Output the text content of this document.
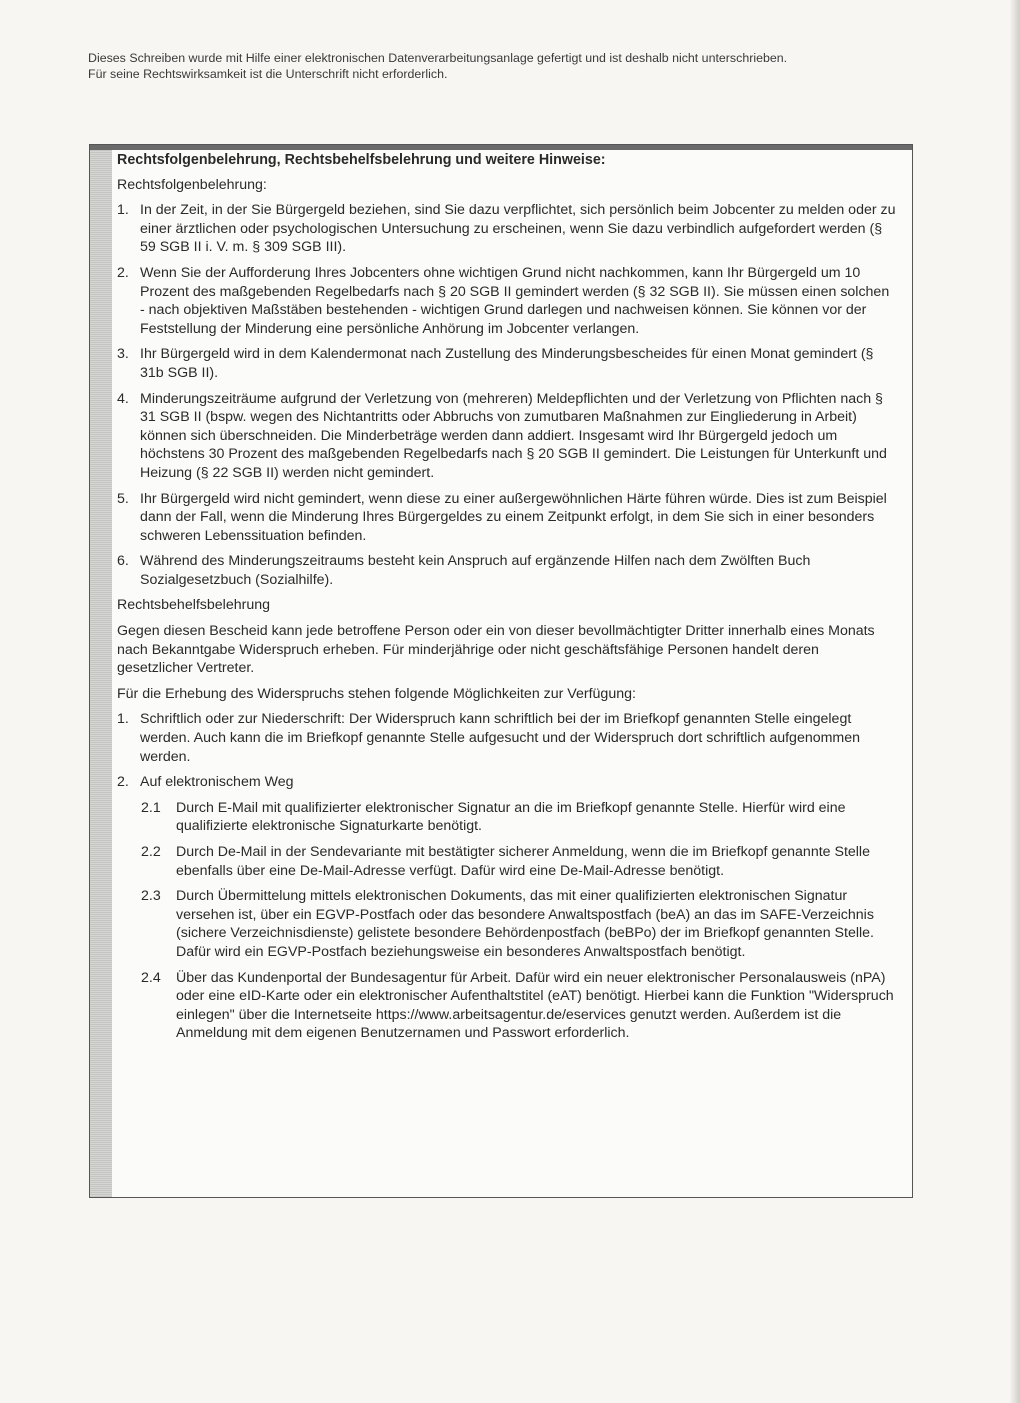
Dieses Schreiben wurde mit Hilfe einer elektronischen Datenverarbeitungsanlage gefertigt und ist deshalb nicht unterschrieben.
Für seine Rechtswirksamkeit ist die Unterschrift nicht erforderlich.
Rechtsfolgenbelehrung, Rechtsbehelfsbelehrung und weitere Hinweise:
Rechtsfolgenbelehrung:
1. In der Zeit, in der Sie Bürgergeld beziehen, sind Sie dazu verpflichtet, sich persönlich beim Jobcenter zu melden oder zu einer ärztlichen oder psychologischen Untersuchung zu erscheinen, wenn Sie dazu verbindlich aufgefordert werden (§ 59 SGB II i. V. m. § 309 SGB III).
2. Wenn Sie der Aufforderung Ihres Jobcenters ohne wichtigen Grund nicht nachkommen, kann Ihr Bürgergeld um 10 Prozent des maßgebenden Regelbedarfs nach § 20 SGB II gemindert werden (§ 32 SGB II). Sie müssen einen solchen - nach objektiven Maßstäben bestehenden - wichtigen Grund darlegen und nachweisen können. Sie können vor der Feststellung der Minderung eine persönliche Anhörung im Jobcenter verlangen.
3. Ihr Bürgergeld wird in dem Kalendermonat nach Zustellung des Minderungsbescheides für einen Monat gemindert (§ 31b SGB II).
4. Minderungszeiträume aufgrund der Verletzung von (mehreren) Meldepflichten und der Verletzung von Pflichten nach § 31 SGB II (bspw. wegen des Nichtantritts oder Abbruchs von zumutbaren Maßnahmen zur Eingliederung in Arbeit) können sich überschneiden. Die Minderbeträge werden dann addiert. Insgesamt wird Ihr Bürgergeld jedoch um höchstens 30 Prozent des maßgebenden Regelbedarfs nach § 20 SGB II gemindert. Die Leistungen für Unterkunft und Heizung (§ 22 SGB II) werden nicht gemindert.
5. Ihr Bürgergeld wird nicht gemindert, wenn diese zu einer außergewöhnlichen Härte führen würde. Dies ist zum Beispiel dann der Fall, wenn die Minderung Ihres Bürgergeldes zu einem Zeitpunkt erfolgt, in dem Sie sich in einer besonders schweren Lebenssituation befinden.
6. Während des Minderungszeitraums besteht kein Anspruch auf ergänzende Hilfen nach dem Zwölften Buch Sozialgesetzbuch (Sozialhilfe).
Rechtsbehelfsbelehrung
Gegen diesen Bescheid kann jede betroffene Person oder ein von dieser bevollmächtigter Dritter innerhalb eines Monats nach Bekanntgabe Widerspruch erheben. Für minderjährige oder nicht geschäftsfähige Personen handelt deren gesetzlicher Vertreter.
Für die Erhebung des Widerspruchs stehen folgende Möglichkeiten zur Verfügung:
1. Schriftlich oder zur Niederschrift: Der Widerspruch kann schriftlich bei der im Briefkopf genannten Stelle eingelegt werden. Auch kann die im Briefkopf genannte Stelle aufgesucht und der Widerspruch dort schriftlich aufgenommen werden.
2. Auf elektronischem Weg
2.1	Durch E-Mail mit qualifizierter elektronischer Signatur an die im Briefkopf genannte Stelle. Hierfür wird eine qualifizierte elektronische Signaturkarte benötigt.
2.2	Durch De-Mail in der Sendevariante mit bestätigter sicherer Anmeldung, wenn die im Briefkopf genannte Stelle ebenfalls über eine De-Mail-Adresse verfügt. Dafür wird eine De-Mail-Adresse benötigt.
2.3	Durch Übermittelung mittels elektronischen Dokuments, das mit einer qualifizierten elektronischen Signatur versehen ist, über ein EGVP-Postfach oder das besondere Anwaltspostfach (beA) an das im SAFE-Verzeichnis (sichere Verzeichnisdienste) gelistete besondere Behördenpostfach (beBPo) der im Briefkopf genannten Stelle. Dafür wird ein EGVP-Postfach beziehungsweise ein besonderes Anwaltspostfach benötigt.
2.4	Über das Kundenportal der Bundesagentur für Arbeit. Dafür wird ein neuer elektronischer Personalausweis (nPA) oder eine eID-Karte oder ein elektronischer Aufenthaltstitel (eAT) benötigt. Hierbei kann die Funktion "Widerspruch einlegen" über die Internetseite https://www.arbeitsagentur.de/eservices genutzt werden. Außerdem ist die Anmeldung mit dem eigenen Benutzernamen und Passwort erforderlich.
